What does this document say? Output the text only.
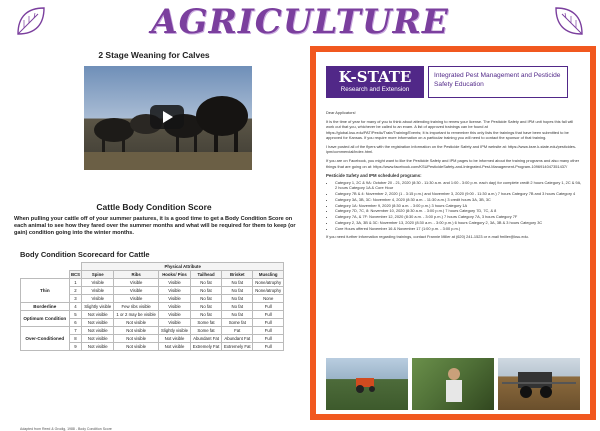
AGRICULTURE
2 Stage Weaning for Calves
Cattle Body Condition Score
When pulling your cattle off of your summer pastures, it is a good time to get a Body Condition Score on each animal to see how they fared over the summer months and what will be required for them to keep (or gain) condition going into the winter months.
Body Condition Scorecard for Cattle
		Physical Attribute					
	BCS	Spine	Ribs	Hooks/ Pins	Tailhead	Brisket	Muscling
Thin	1	Visible	Visible	Visible	No fat	No fat	None/atrophy
	2	Visible	Visible	Visible	No fat	No fat	None/atrophy
	3	Visible	Visible	Visible	No fat	No fat	None
Borderline	4	Slightly visible	Few ribs visible	Visible	No fat	No fat	Full
Optimum Condition	5	Not visible	1 or 2 may be visible	Visible	No fat	No fat	Full
	6	Not visible	Not visible	Visible	Some fat	Some fat	Full
Over-Conditioned	7	Not visible	Not visible	Slightly visible	Some fat	Fat	Full
	8	Not visible	Not visible	Not visible	Abundant Fat	Abundant Fat	Full
	9	Not visible	Not visible	Not visible	Extremely Fat	Extremely Fat	Full
Adapted from Reed & Grodig, 1988 - Body Condition Score
K-STATE
Research and Extension
Integrated Pest Management and Pesticide Safety Education

Dear Applicators!

It is the time of year for many of you to think about attending training to renew your license. The Pesticide Safety and IPM unit hopes this fall will work out that you, whichever be called to an exam. A list of approved trainings can be found at https://global.ksu.edu/PAT/Pestic/Train/Training/Events; It is important to remember this only lists the trainings that have been submitted to be approved for Kansas. If you require more information on a particular training you will need to contact the sponsor of that training.

I have posted all of the flyers with the registration information on the Pesticide Safety and IPM website at: https://www.ksre.k-state.edu/pesticides-ipm/commercial/index.html.

If you are on Facebook, you might want to like the Pesticide Safety and IPM pages to be informed about the training programs and also many other things that are going on at: https://www.facebook.com/KSUPesticideSafety-and-Integrated-Pest-Management-Program-1096914047351437/

Pesticide Safety and IPM scheduled programs:
• Category 1, 2C & 9A: October 20 - 21, 2020 (8:30 - 11:30 a.m. and 1:00 - 3:00 p.m. each day) for complete credit 2 hours Category 1, 2C & 9A, 2 hours Category 1A & Core Hour
• Category 7B & 4: November 2, 2020 (1 - 3:15 p.m.) and November 3, 2020 (9:00 - 11:30 a.m.) 7 hours Category 7B and 3 hours Category 4
• Category 3A, 3B, 3C: November 4, 2020 (8:30 a.m. - 11:30 a.m.) 3 credit hours 3A, 3B, 3C
• Category 1A: November 9, 2020 (8:30 a.m. - 3:00 p.m.) 3 hours Category 1A
• Category 7D, 7C, 8: November 10, 2020 (8:30 a.m. - 3:00 p.m.) 7 hours Category 7D, 7C, & 8
• Category 7A, & 7F: November 12, 2020 (8:30 a.m. - 3:00 p.m.) 7 hours Category 7A, 3 hours Category 7F
• Category 2, 3A, 3B & 3C: November 13, 2020 (8:30 a.m. - 3:00 p.m.) 6 hours Category 2, 3A, 3B & 3 hours Category 3C
• Core Hours offered November 16 & November 17 (1:00 p.m. - 3:00 p.m.)

If you need further information regarding trainings, contact Frannie Miller at (620) 241-1523 or e-mail fmiller@ksu.edu.
